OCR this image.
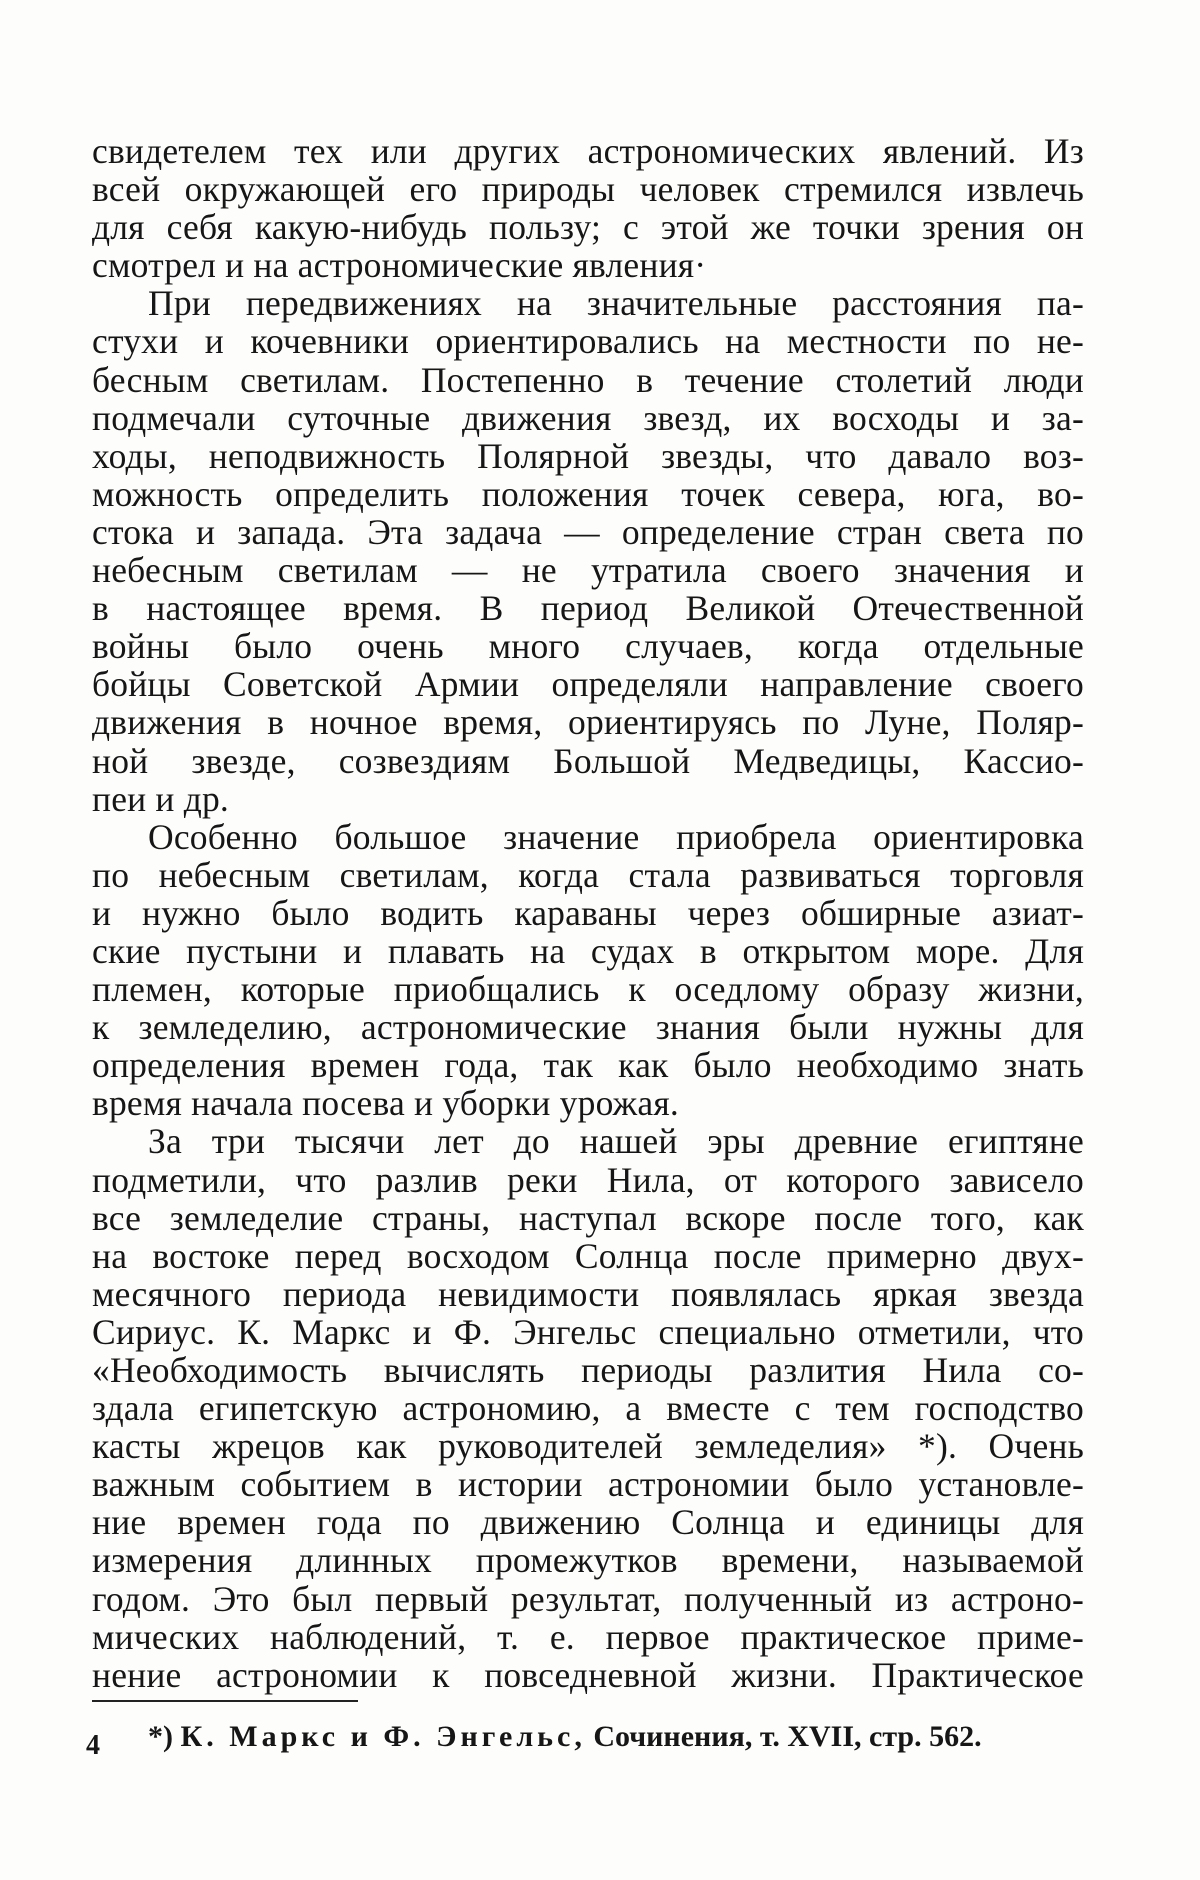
свидетелем тех или других астрономических явлений. Из
всей окружающей его природы человек стремился извлечь
для себя какую-нибудь пользу; с этой же точки зрения он
смотрел и на астрономические явления·
При передвижениях на значительные расстояния па-
стухи и кочевники ориентировались на местности по не-
бесным светилам. Постепенно в течение столетий люди
подмечали суточные движения звезд, их восходы и за-
ходы, неподвижность Полярной звезды, что давало воз-
можность определить положения точек севера, юга, во-
стока и запада. Эта задача — определение стран света по
небесным светилам — не утратила своего значения и
в настоящее время. В период Великой Отечественной
войны было очень много случаев, когда отдельные
бойцы Советской Армии определяли направление своего
движения в ночное время, ориентируясь по Луне, Поляр-
ной звезде, созвездиям Большой Медведицы, Кассио-
пеи и др.
Особенно большое значение приобрела ориентировка
по небесным светилам, когда стала развиваться торговля
и нужно было водить караваны через обширные азиат-
ские пустыни и плавать на судах в открытом море. Для
племен, которые приобщались к оседлому образу жизни,
к земледелию, астрономические знания были нужны для
определения времен года, так как было необходимо знать
время начала посева и уборки урожая.
За три тысячи лет до нашей эры древние египтяне
подметили, что разлив реки Нила, от которого зависело
все земледелие страны, наступал вскоре после того, как
на востоке перед восходом Солнца после примерно двух-
месячного периода невидимости появлялась яркая звезда
Сириус. К. Маркс и Ф. Энгельс специально отметили, что
«Необходимость вычислять периоды разлития Нила со-
здала египетскую астрономию, а вместе с тем господство
касты жрецов как руководителей земледелия» *). Очень
важным событием в истории астрономии было установле-
ние времен года по движению Солнца и единицы для
измерения длинных промежутков времени, называемой
годом. Это был первый результат, полученный из астроно-
мических наблюдений, т. е. первое практическое приме-
нение астрономии к повседневной жизни. Практическое
*) К. Маркс и Ф. Энгельс, Сочинения, т. XVII, стр. 562.
4
